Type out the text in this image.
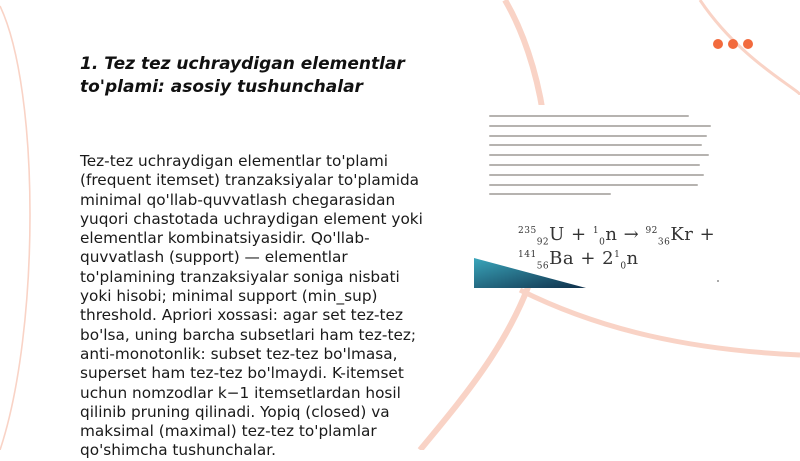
1. Tez tez uchraydigan elementlar to'plami: asosiy tushunchalar

Tez-tez uchraydigan elementlar to'plami (frequent itemset) tranzaksiyalar to'plamida minimal qo'llab-quvvatlash chegarasidan yuqori chastotada uchraydigan element yoki elementlar kombinatsiyasidir. Qo'llab-quvvatlash (support) — elementlar to'plamining tranzaksiyalar soniga nisbati yoki hisobi; minimal support (min_sup) threshold. Apriori xossasi: agar set tez-tez bo'lsa, uning barcha subsetlari ham tez-tez; anti-monotonlik: subset tez-tez bo'lmasa, superset ham tez-tez bo'lmaydi. K-itemset uchun nomzodlar k−1 itemsetlardan hosil qilinib pruning qilinadi. Yopiq (closed) va maksimal (maximal) tez-tez to'plamlar qo'shimcha tushunchalar.

$^{235}_{92}U + ^1_0n \to ^{92}_{36}Kr + ^{141}_{56}Ba + 2^1_0n$
